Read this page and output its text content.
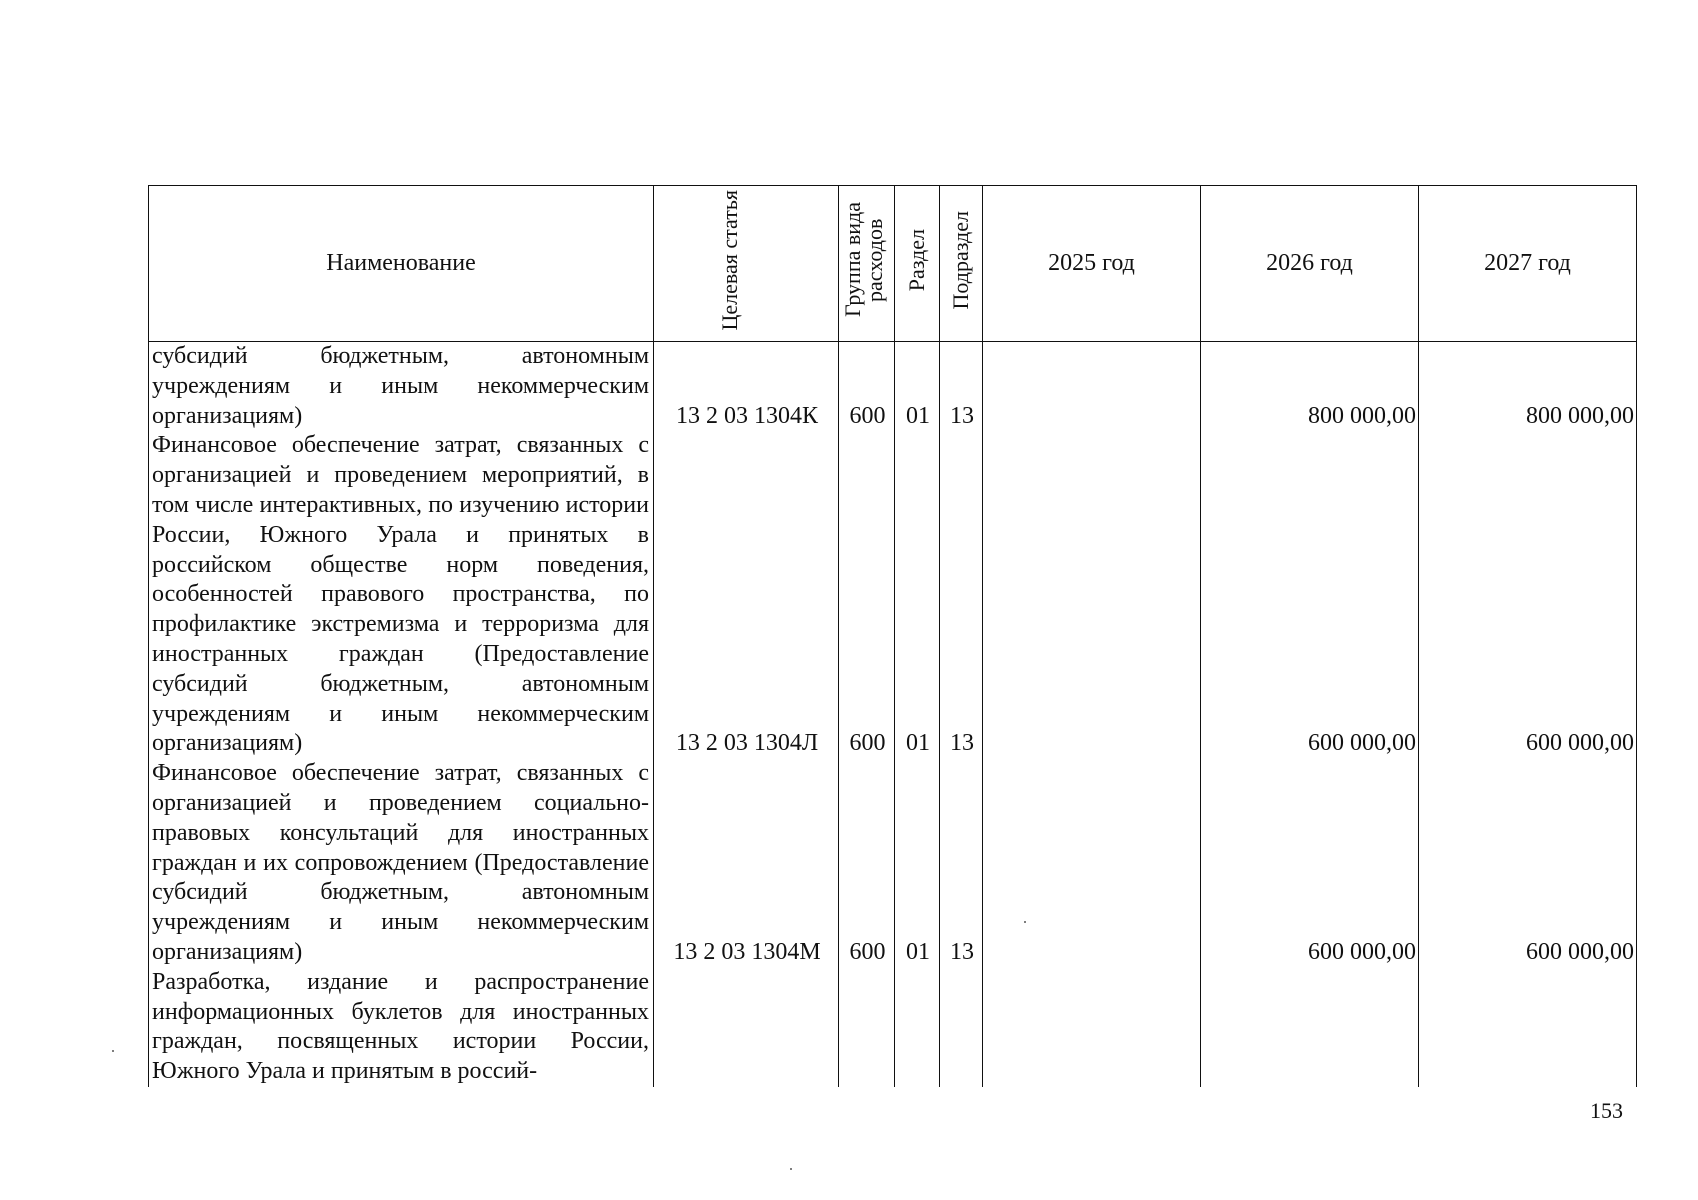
Наименование	Целевая статья	Группа вида расходов	Раздел	Подраздел	2025 год	2026 год	2027 год
субсидий бюджетным, автономным учреждениям и иным некоммерческим организациям)	13 2 03 1304К	600	01	13		800 000,00	800 000,00
Финансовое обеспечение затрат, связанных с организацией и проведением мероприятий, в том числе интерактивных, по изучению истории России, Южного Урала и принятых в российском обществе норм поведения, особенностей правового пространства, по профилактике экстремизма и терроризма для иностранных граждан (Предоставление субсидий бюджетным, автономным учреждениям и иным некоммерческим организациям)	13 2 03 1304Л	600	01	13		600 000,00	600 000,00
Финансовое обеспечение затрат, связанных с организацией и проведением социально-правовых консультаций для иностранных граждан и их сопровождением (Предоставление субсидий бюджетным, автономным учреждениям и иным некоммерческим организациям)	13 2 03 1304М	600	01	13		600 000,00	600 000,00
Разработка, издание и распространение информационных буклетов для иностранных граждан, посвященных истории России, Южного Урала и принятым в россий-							
153
